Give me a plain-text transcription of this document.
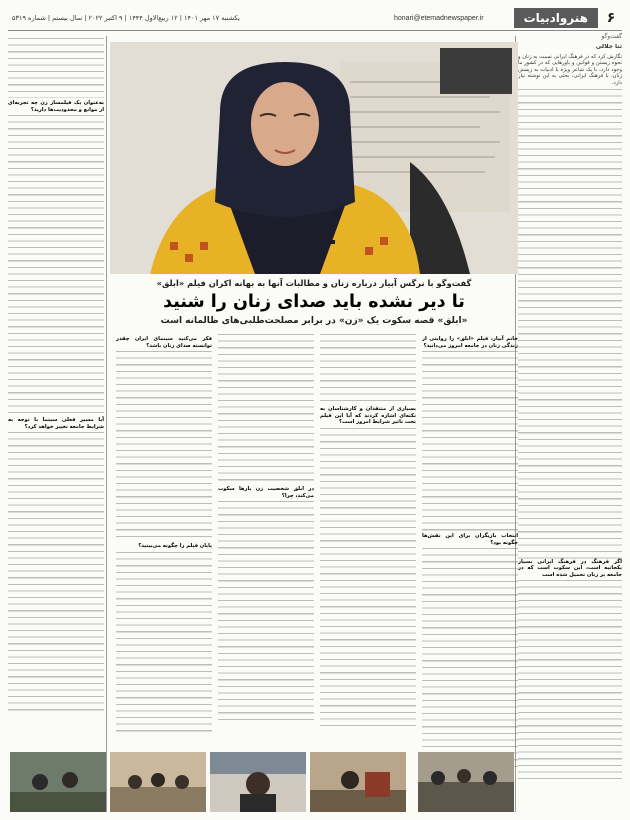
۶
هنروادبیات
honari@etemadnewspaper.ir
یکشنبه ۱۷ مهر ۱۴۰۱ | ۱۲ ربیع‌الاول ۱۴۴۴ | ۹ اکتبر ۲۰۲۲ | سال بیستم | شماره ۵۳۱۹
گفت‌وگو
ثنا جلالی
نگارش کرد که در فرهنگ ایرانی نسبت به زنان و نحوه زیستن و قوانین و باورهایی که در کشور ما وجود دارد، با یک شاعر ویژه با ادبیات به زیستن زنان، با فرهنگ ایرانی، بحثی به این نوشته نیاز دارد.
اگر فرهنگ در فرهنگ ایرانی بسیار یکجانبه است، این سکوت است که در جامعه بر زنان تحمیل شده است
گفت‌وگو با نرگس آبیار درباره زنان و مطالبات آنها به بهانه اکران فیلم «ابلق»
تا دیر نشده باید صدای زنان را شنید
«ابلق» قصه سکوت یک «زن» در برابر مصلحت‌طلبی‌های ظالمانه است
خانم آبیار، فیلم «ابلق» را روایتی از زندگی زنان در جامعه امروز می‌دانید؟
انتخاب بازیگران برای این نقش‌ها چگونه بود؟
بسیاری از منتقدان و کارشناسان به نکته‌ای اشاره کردند که آیا این فیلم تحت تاثیر شرایط امروز است؟
در ابلق شخصیت زن بارها سکوت می‌کند، چرا؟
فکر می‌کنید سینمای ایران چقدر توانسته صدای زنان باشد؟
پایان فیلم را چگونه می‌بینید؟
به‌عنوان یک فیلمساز زن چه تجربه‌ای از موانع و محدودیت‌ها دارید؟
آیا مسیر فعلی سینما با توجه به شرایط جامعه تغییر خواهد کرد؟
